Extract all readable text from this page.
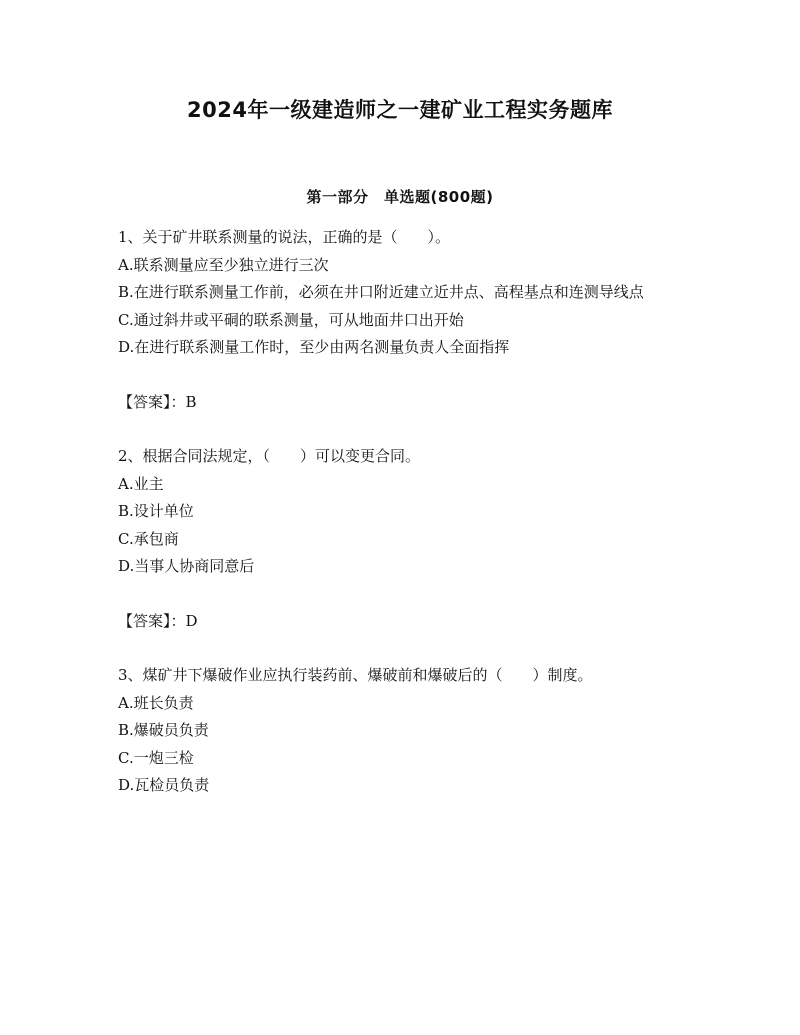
2024年一级建造师之一建矿业工程实务题库
第一部分　单选题(800题)

1、关于矿井联系测量的说法，正确的是（　　）。

A.联系测量应至少独立进行三次

B.在进行联系测量工作前，必须在井口附近建立近井点、高程基点和连测导线点

C.通过斜井或平硐的联系测量，可从地面井口出开始

D.在进行联系测量工作时，至少由两名测量负责人全面指挥

【答案】：B

2、根据合同法规定，（　　）可以变更合同。

A.业主

B.设计单位

C.承包商

D.当事人协商同意后

【答案】：D

3、煤矿井下爆破作业应执行装药前、爆破前和爆破后的（　　）制度。

A.班长负责

B.爆破员负责

C.一炮三检

D.瓦检员负责
